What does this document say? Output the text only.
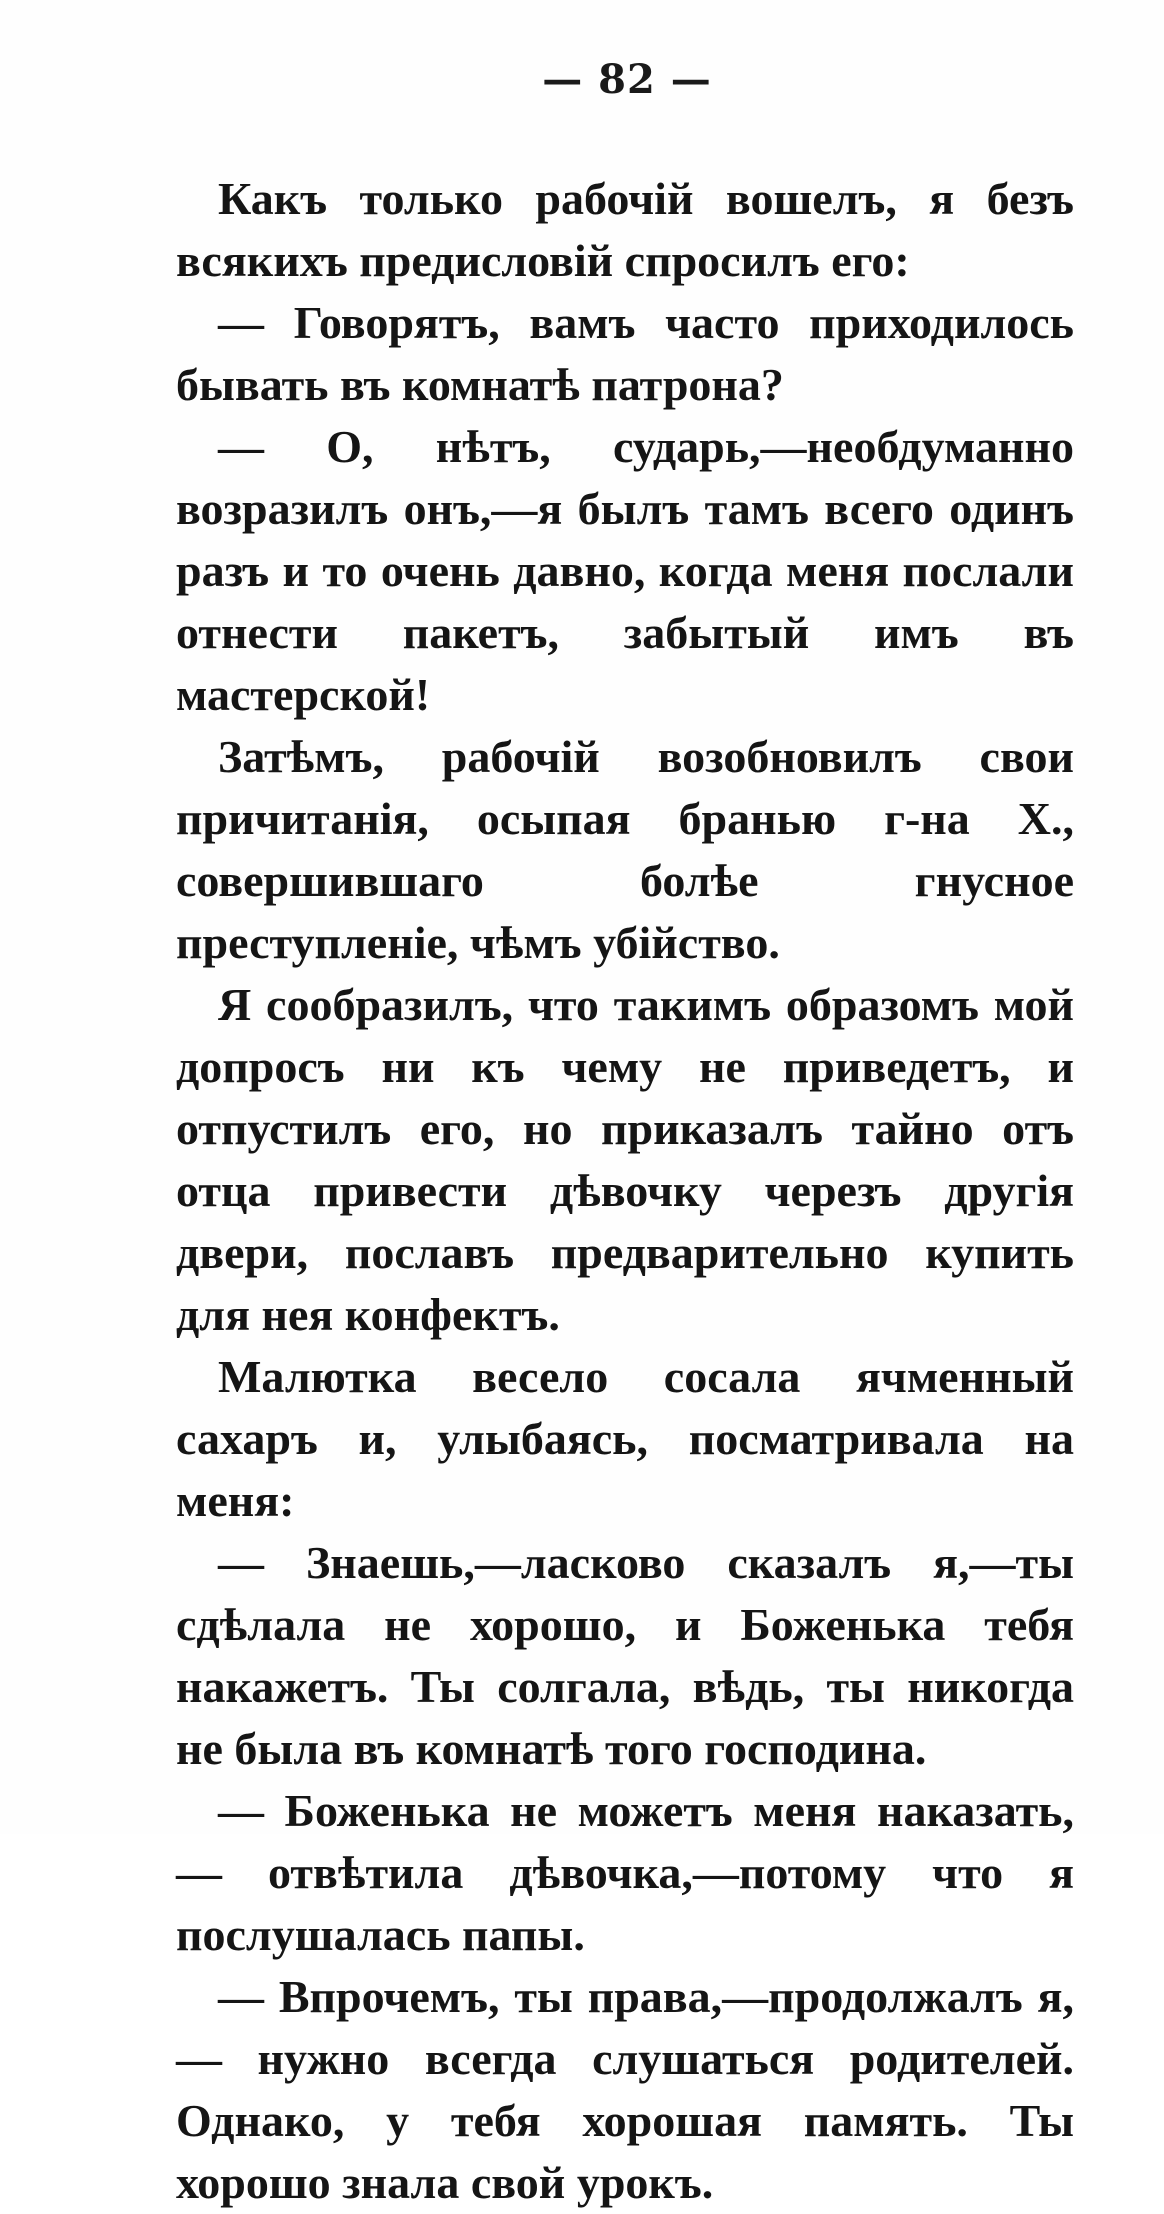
— 82 —

Какъ только рабочій вошелъ, я безъ всякихъ предисловій спросилъ его:

— Говорятъ, вамъ часто приходилось бывать въ комнатѣ патрона?

— О, нѣтъ, сударь,—необдуманно возразилъ онъ,—я былъ тамъ всего одинъ разъ и то очень давно, когда меня послали отнести пакетъ, забытый имъ въ мастерской!

Затѣмъ, рабочій возобновилъ свои причитанія, осыпая бранью г-на X., совершившаго болѣе гнусное преступленіе, чѣмъ убійство.

Я сообразилъ, что такимъ образомъ мой допросъ ни къ чему не приведетъ, и отпустилъ его, но приказалъ тайно отъ отца привести дѣвочку черезъ другія двери, пославъ предварительно купить для нея конфектъ.

Малютка весело сосала ячменный сахаръ и, улыбаясь, посматривала на меня:

— Знаешь,—ласково сказалъ я,—ты сдѣлала не хорошо, и Боженька тебя накажетъ. Ты солгала, вѣдь, ты никогда не была въ комнатѣ того господина.

— Боженька не можетъ меня наказать,— отвѣтила дѣвочка,—потому что я послушалась папы.

— Впрочемъ, ты права,—продолжалъ я,— нужно всегда слушаться родителей. Однако, у тебя хорошая память. Ты хорошо знала свой урокъ.
